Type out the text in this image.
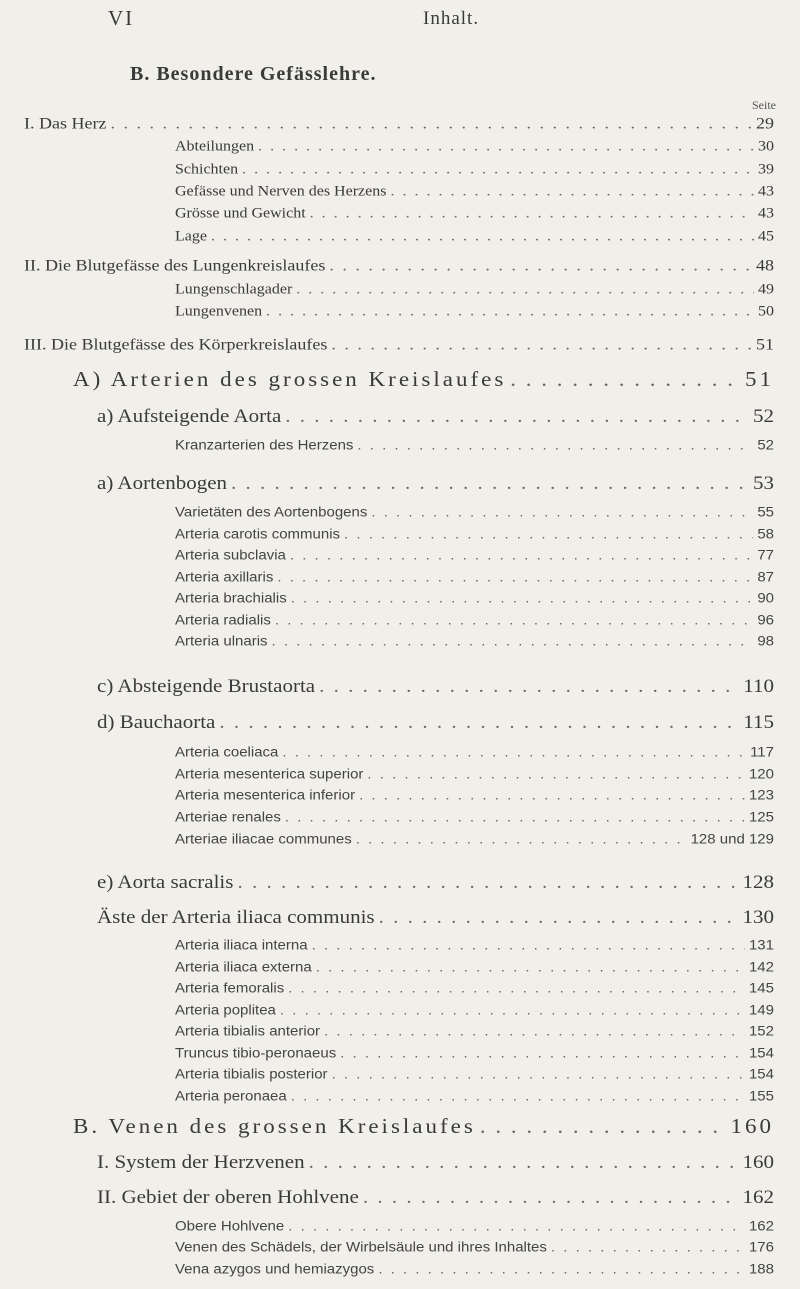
VI	Inhalt.
B. Besondere Gefässlehre.
Seite
I. Das Herz . . .	29
Abteilungen . . .	30
Schichten . . .	39
Gefässe und Nerven des Herzens . . .	43
Grösse und Gewicht . . .	43
Lage . . .	45
II. Die Blutgefässe des Lungenkreislaufes . . .	48
Lungenschlagader . . .	49
Lungenvenen . . .	50
III. Die Blutgefässe des Körperkreislaufes . . .	51
A) Arterien des grossen Kreislaufes . . .	51
a) Aufsteigende Aorta . . .	52
Kranzarterien des Herzens . . .	52
a) Aortenbogen . . .	53
Varietäten des Aortenbogens . . .	55
Arteria carotis communis . . .	58
Arteria subclavia . . .	77
Arteria axillaris . . .	87
Arteria brachialis . . .	90
Arteria radialis . . .	96
Arteria ulnaris . . .	98
c) Absteigende Brustaorta . . .	110
d) Bauchaorta . . .	115
Arteria coeliaca . . .	117
Arteria mesenterica superior . . .	120
Arteria mesenterica inferior . . .	123
Arteriae renales . . .	125
Arteriae iliacae communes . . .	128 und 129
e) Aorta sacralis . . .	128
Äste der Arteria iliaca communis . . .	130
Arteria iliaca interna . . .	131
Arteria iliaca externa . . .	142
Arteria femoralis . . .	145
Arteria poplitea . . .	149
Arteria tibialis anterior . . .	152
Truncus tibio-peronaeus . . .	154
Arteria tibialis posterior . . .	154
Arteria peronaea . . .	155
B. Venen des grossen Kreislaufes . . .	160
I. System der Herzvenen . . .	160
II. Gebiet der oberen Hohlvene . . .	162
Obere Hohlvene . . .	162
Venen des Schädels, der Wirbelsäule und ihres Inhaltes . . .	176
Vena azygos und hemiazygos . . .	188
